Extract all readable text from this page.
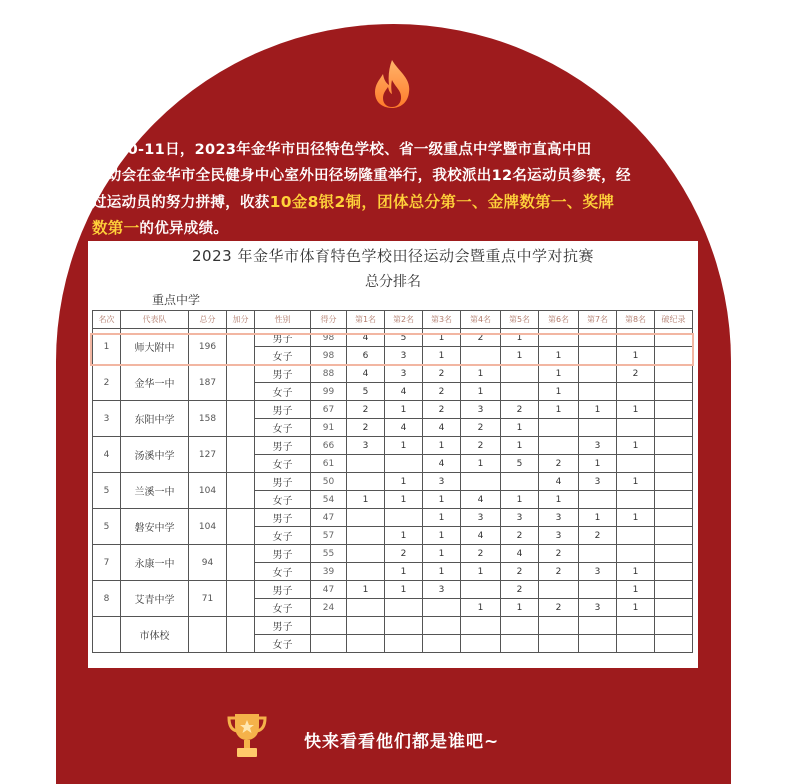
4月10-11日，2023年金华市田径特色学校、省一级重点中学暨市直高中田
运动会在金华市全民健身中心室外田径场隆重举行，我校派出12名运动员参赛，经
过运动员的努力拼搏，收获10金8银2铜，团体总分第一、金牌数第一、奖牌
数第一的优异成绩。
2023 年金华市体育特色学校田径运动会暨重点中学对抗赛
总分排名
重点中学
名次	代表队	总分	加分	性别	得分	第1名	第2名	第3名	第4名	第5名	第6名	第7名	第8名	破纪录
1	师大附中	196		男子	98	4	5	1	2	1				
				女子	98	6	3	1		1	1		1	
2	金华一中	187		男子	88	4	3	2	1		1		2	
				女子	99	5	4	2	1		1			
3	东阳中学	158		男子	67	2	1	2	3	2	1	1	1	
				女子	91	2	4	4	2	1				
4	汤溪中学	127		男子	66	3	1	1	2	1		3	1	
				女子	61			4	1	5	2	1		
5	兰溪一中	104		男子	50		1	3			4	3	1	
				女子	54	1	1	1	4	1	1			
5	磐安中学	104		男子	47			1	3	3	3	1	1	
				女子	57		1	1	4	2	3	2		
7	永康一中	94		男子	55		2	1	2	4	2			
				女子	39		1	1	1	2	2	3	1	
8	艾青中学	71		男子	47	1	1	3		2			1	
				女子	24				1	1	2	3	1	
	市体校			男子										
				女子										
快来看看他们都是谁吧~
